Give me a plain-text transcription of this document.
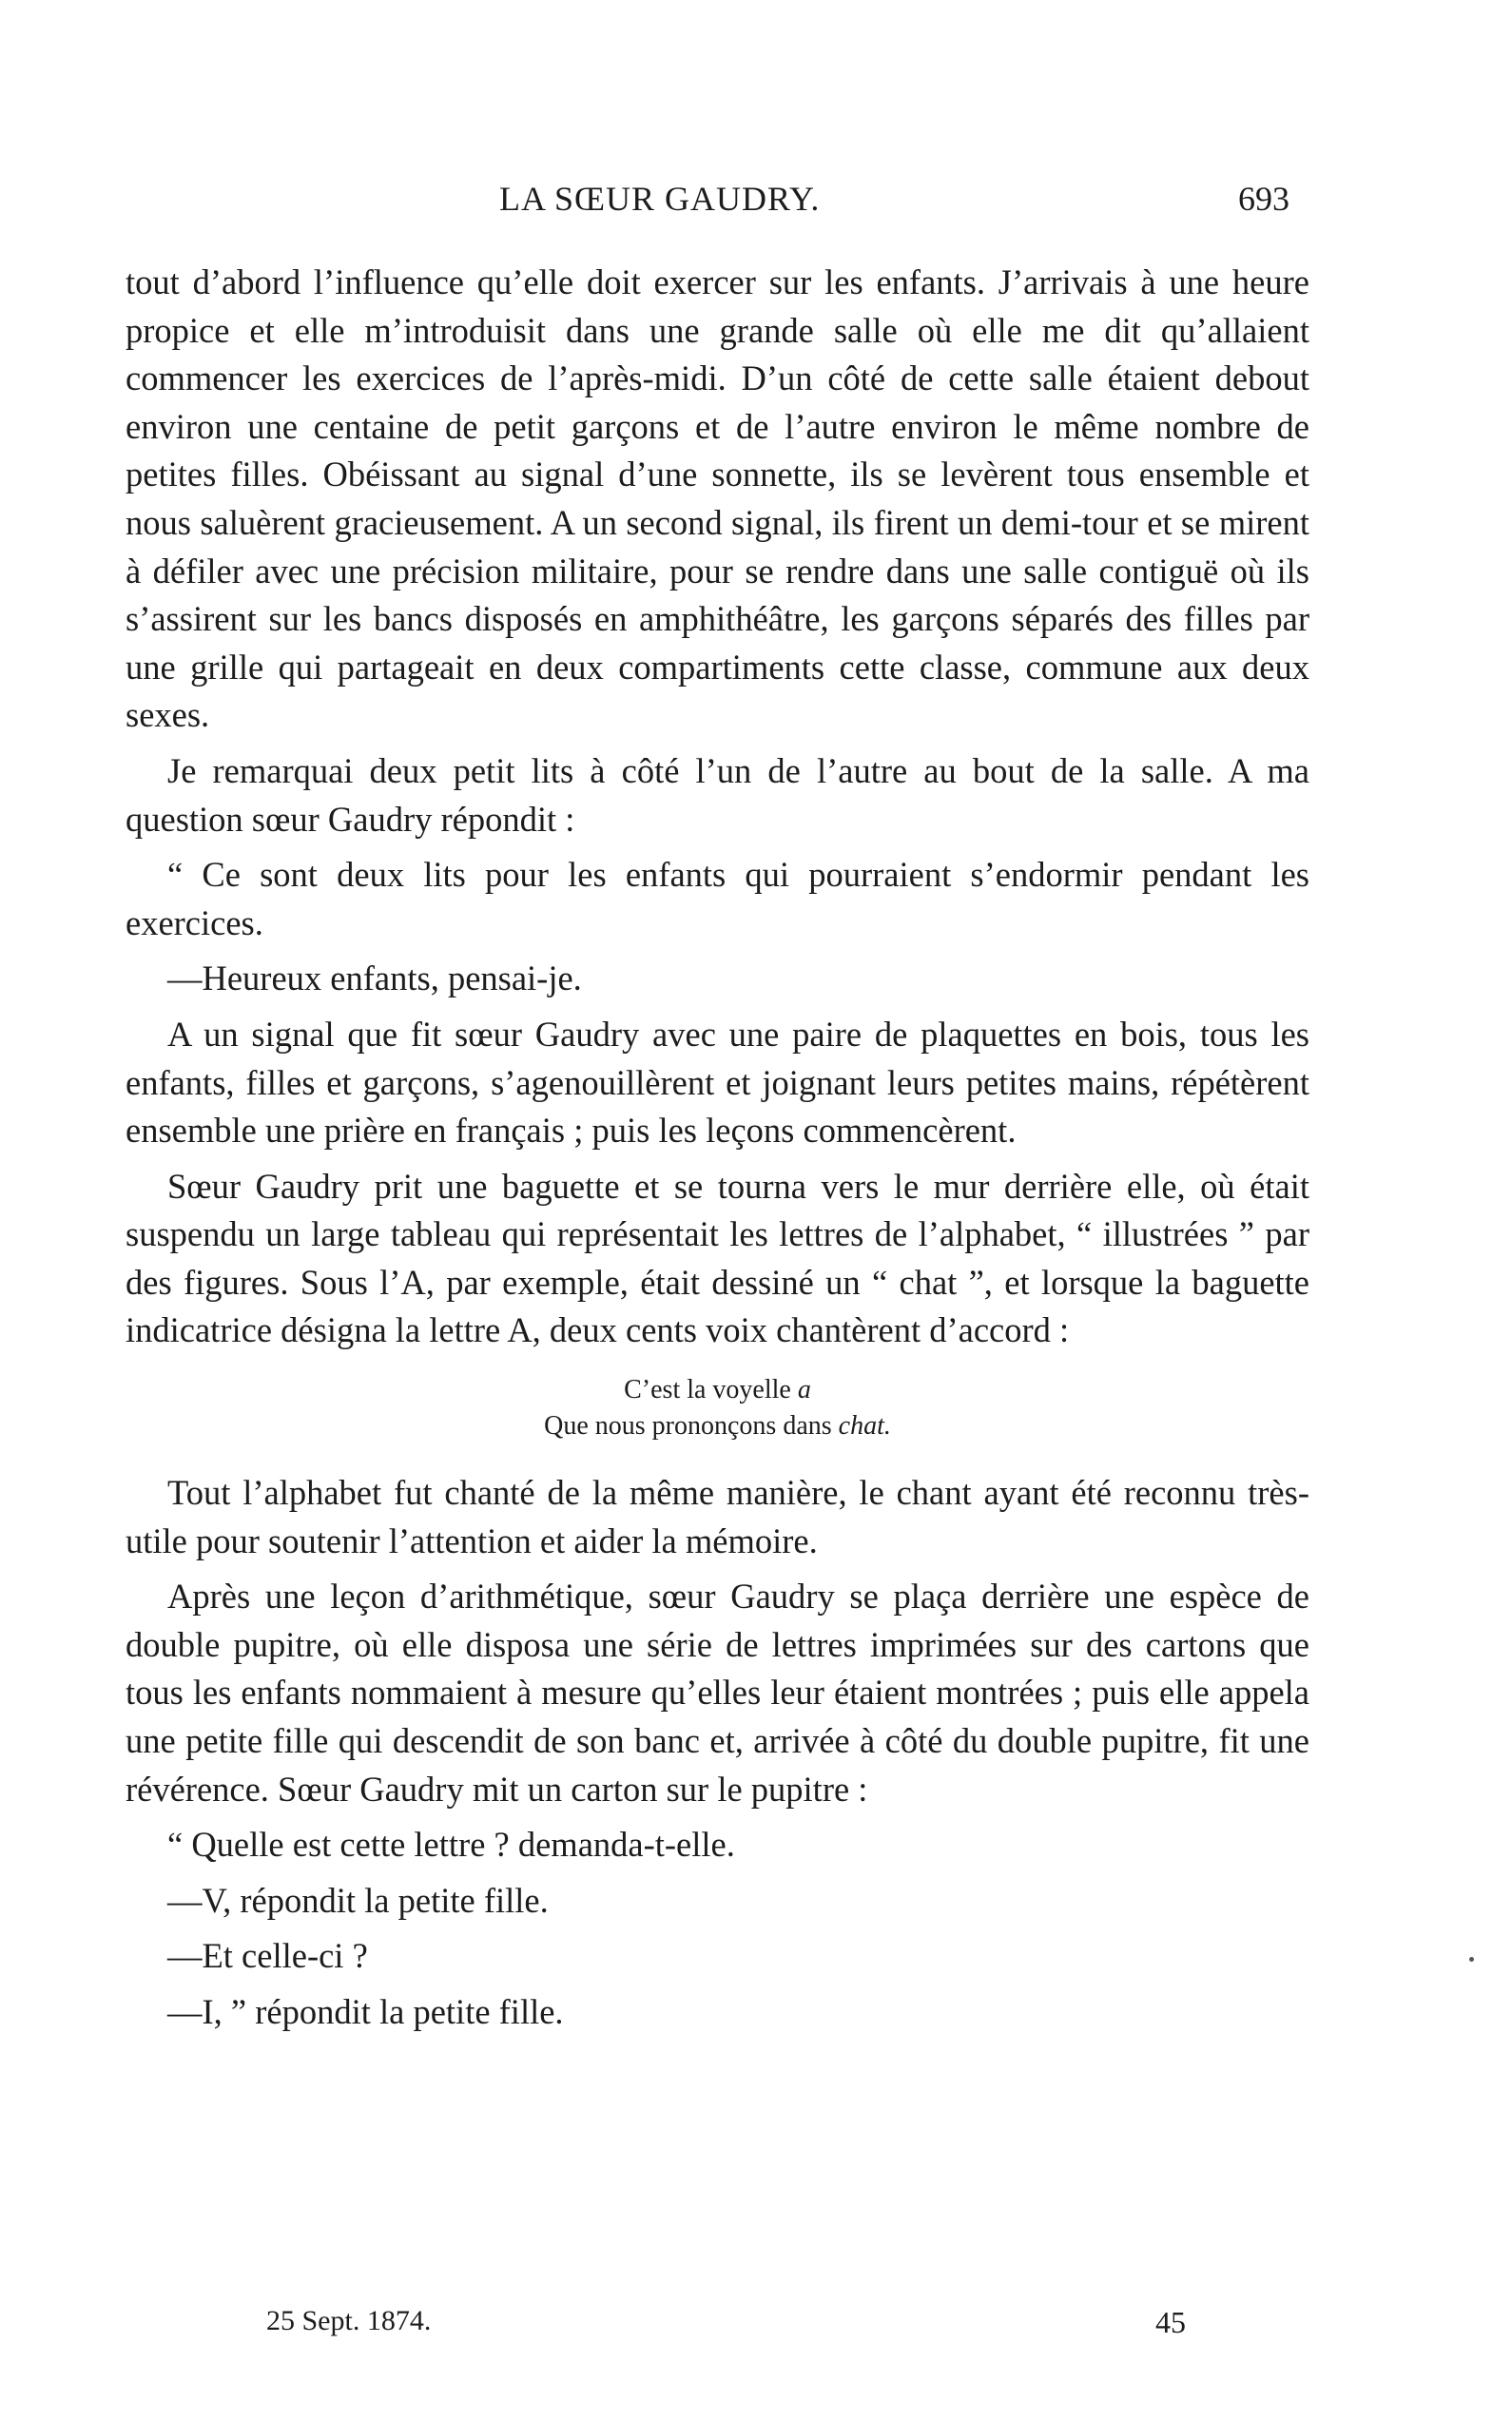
LA SŒUR GAUDRY.	693

tout d’abord l’influence qu’elle doit exercer sur les enfants. J’arrivais à une heure propice et elle m’introduisit dans une grande salle où elle me dit qu’allaient commencer les exercices de l’après-midi. D’un côté de cette salle étaient debout environ une centaine de petit garçons et de l’autre environ le même nombre de petites filles. Obéissant au signal d’une sonnette, ils se levèrent tous ensemble et nous saluèrent gracieusement. A un second signal, ils firent un demi-tour et se mirent à défiler avec une précision militaire, pour se rendre dans une salle contiguë où ils s’assirent sur les bancs disposés en amphithéâtre, les garçons séparés des filles par une grille qui partageait en deux compartiments cette classe, commune aux deux sexes.

Je remarquai deux petit lits à côté l’un de l’autre au bout de la salle. A ma question sœur Gaudry répondit :

“ Ce sont deux lits pour les enfants qui pourraient s’endormir pendant les exercices.

—Heureux enfants, pensai-je.

A un signal que fit sœur Gaudry avec une paire de plaquettes en bois, tous les enfants, filles et garçons, s’agenouillèrent et joignant leurs petites mains, répétèrent ensemble une prière en français ; puis les leçons commencèrent.

Sœur Gaudry prit une baguette et se tourna vers le mur derrière elle, où était suspendu un large tableau qui représentait les lettres de l’alphabet, “ illustrées ” par des figures. Sous l’A, par exemple, était dessiné un “ chat ”, et lorsque la baguette indicatrice désigna la lettre A, deux cents voix chantèrent d’accord :

C’est la voyelle a
Que nous prononçons dans chat.

Tout l’alphabet fut chanté de la même manière, le chant ayant été reconnu très-utile pour soutenir l’attention et aider la mémoire.

Après une leçon d’arithmétique, sœur Gaudry se plaça derrière une espèce de double pupitre, où elle disposa une série de lettres imprimées sur des cartons que tous les enfants nommaient à mesure qu’elles leur étaient montrées ; puis elle appela une petite fille qui descendit de son banc et, arrivée à côté du double pupitre, fit une révérence. Sœur Gaudry mit un carton sur le pupitre :

“ Quelle est cette lettre ? demanda-t-elle.

—V, répondit la petite fille.

—Et celle-ci ?

—I, ” répondit la petite fille.

25 Sept. 1874.	45
